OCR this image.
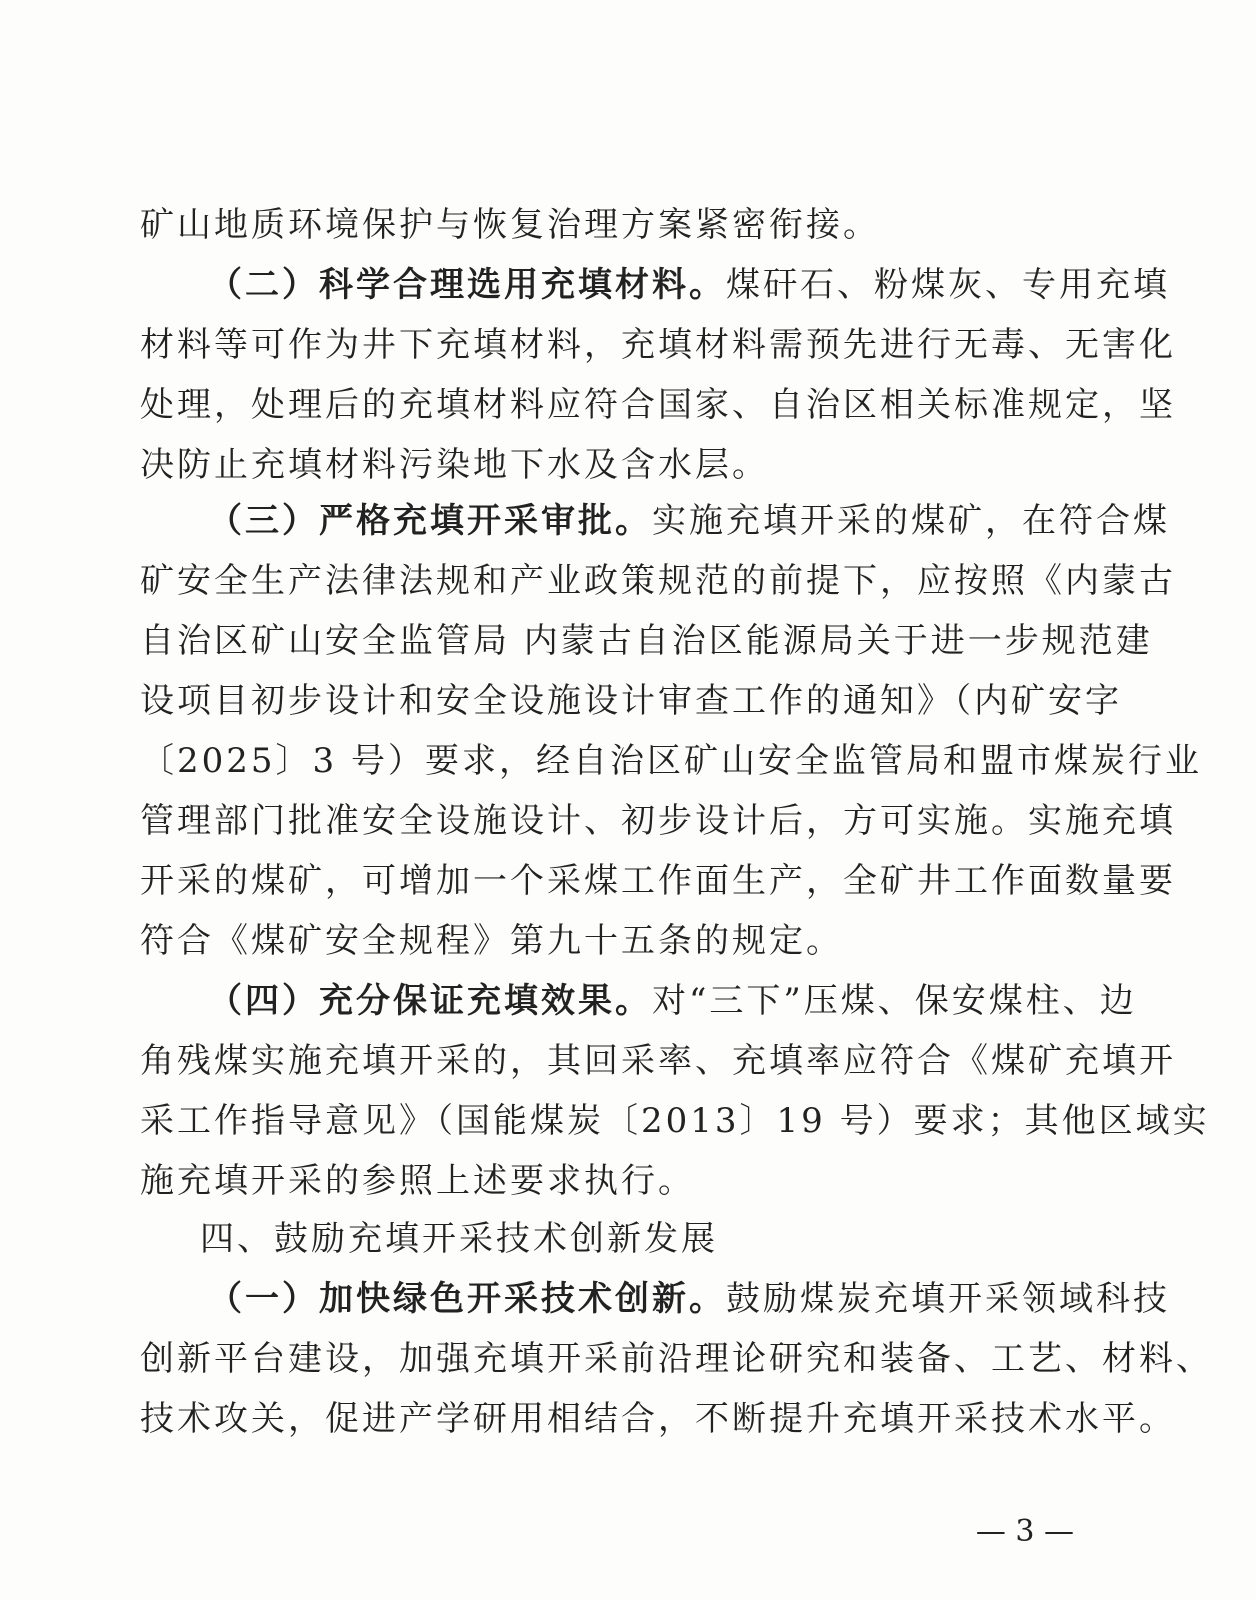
矿山地质环境保护与恢复治理方案紧密衔接。
（二）科学合理选用充填材料。煤矸石、粉煤灰、专用充填
材料等可作为井下充填材料，充填材料需预先进行无毒、无害化
处理，处理后的充填材料应符合国家、自治区相关标准规定，坚
决防止充填材料污染地下水及含水层。
（三）严格充填开采审批。实施充填开采的煤矿，在符合煤
矿安全生产法律法规和产业政策规范的前提下，应按照《内蒙古
自治区矿山安全监管局 内蒙古自治区能源局关于进一步规范建
设项目初步设计和安全设施设计审查工作的通知》（内矿安字
〔2025〕3 号）要求，经自治区矿山安全监管局和盟市煤炭行业
管理部门批准安全设施设计、初步设计后，方可实施。实施充填
开采的煤矿，可增加一个采煤工作面生产，全矿井工作面数量要
符合《煤矿安全规程》第九十五条的规定。
（四）充分保证充填效果。对“三下”压煤、保安煤柱、边
角残煤实施充填开采的，其回采率、充填率应符合《煤矿充填开
采工作指导意见》（国能煤炭〔2013〕19 号）要求；其他区域实
施充填开采的参照上述要求执行。
四、鼓励充填开采技术创新发展
（一）加快绿色开采技术创新。鼓励煤炭充填开采领域科技
创新平台建设，加强充填开采前沿理论研究和装备、工艺、材料、
技术攻关，促进产学研用相结合，不断提升充填开采技术水平。
— 3 —
